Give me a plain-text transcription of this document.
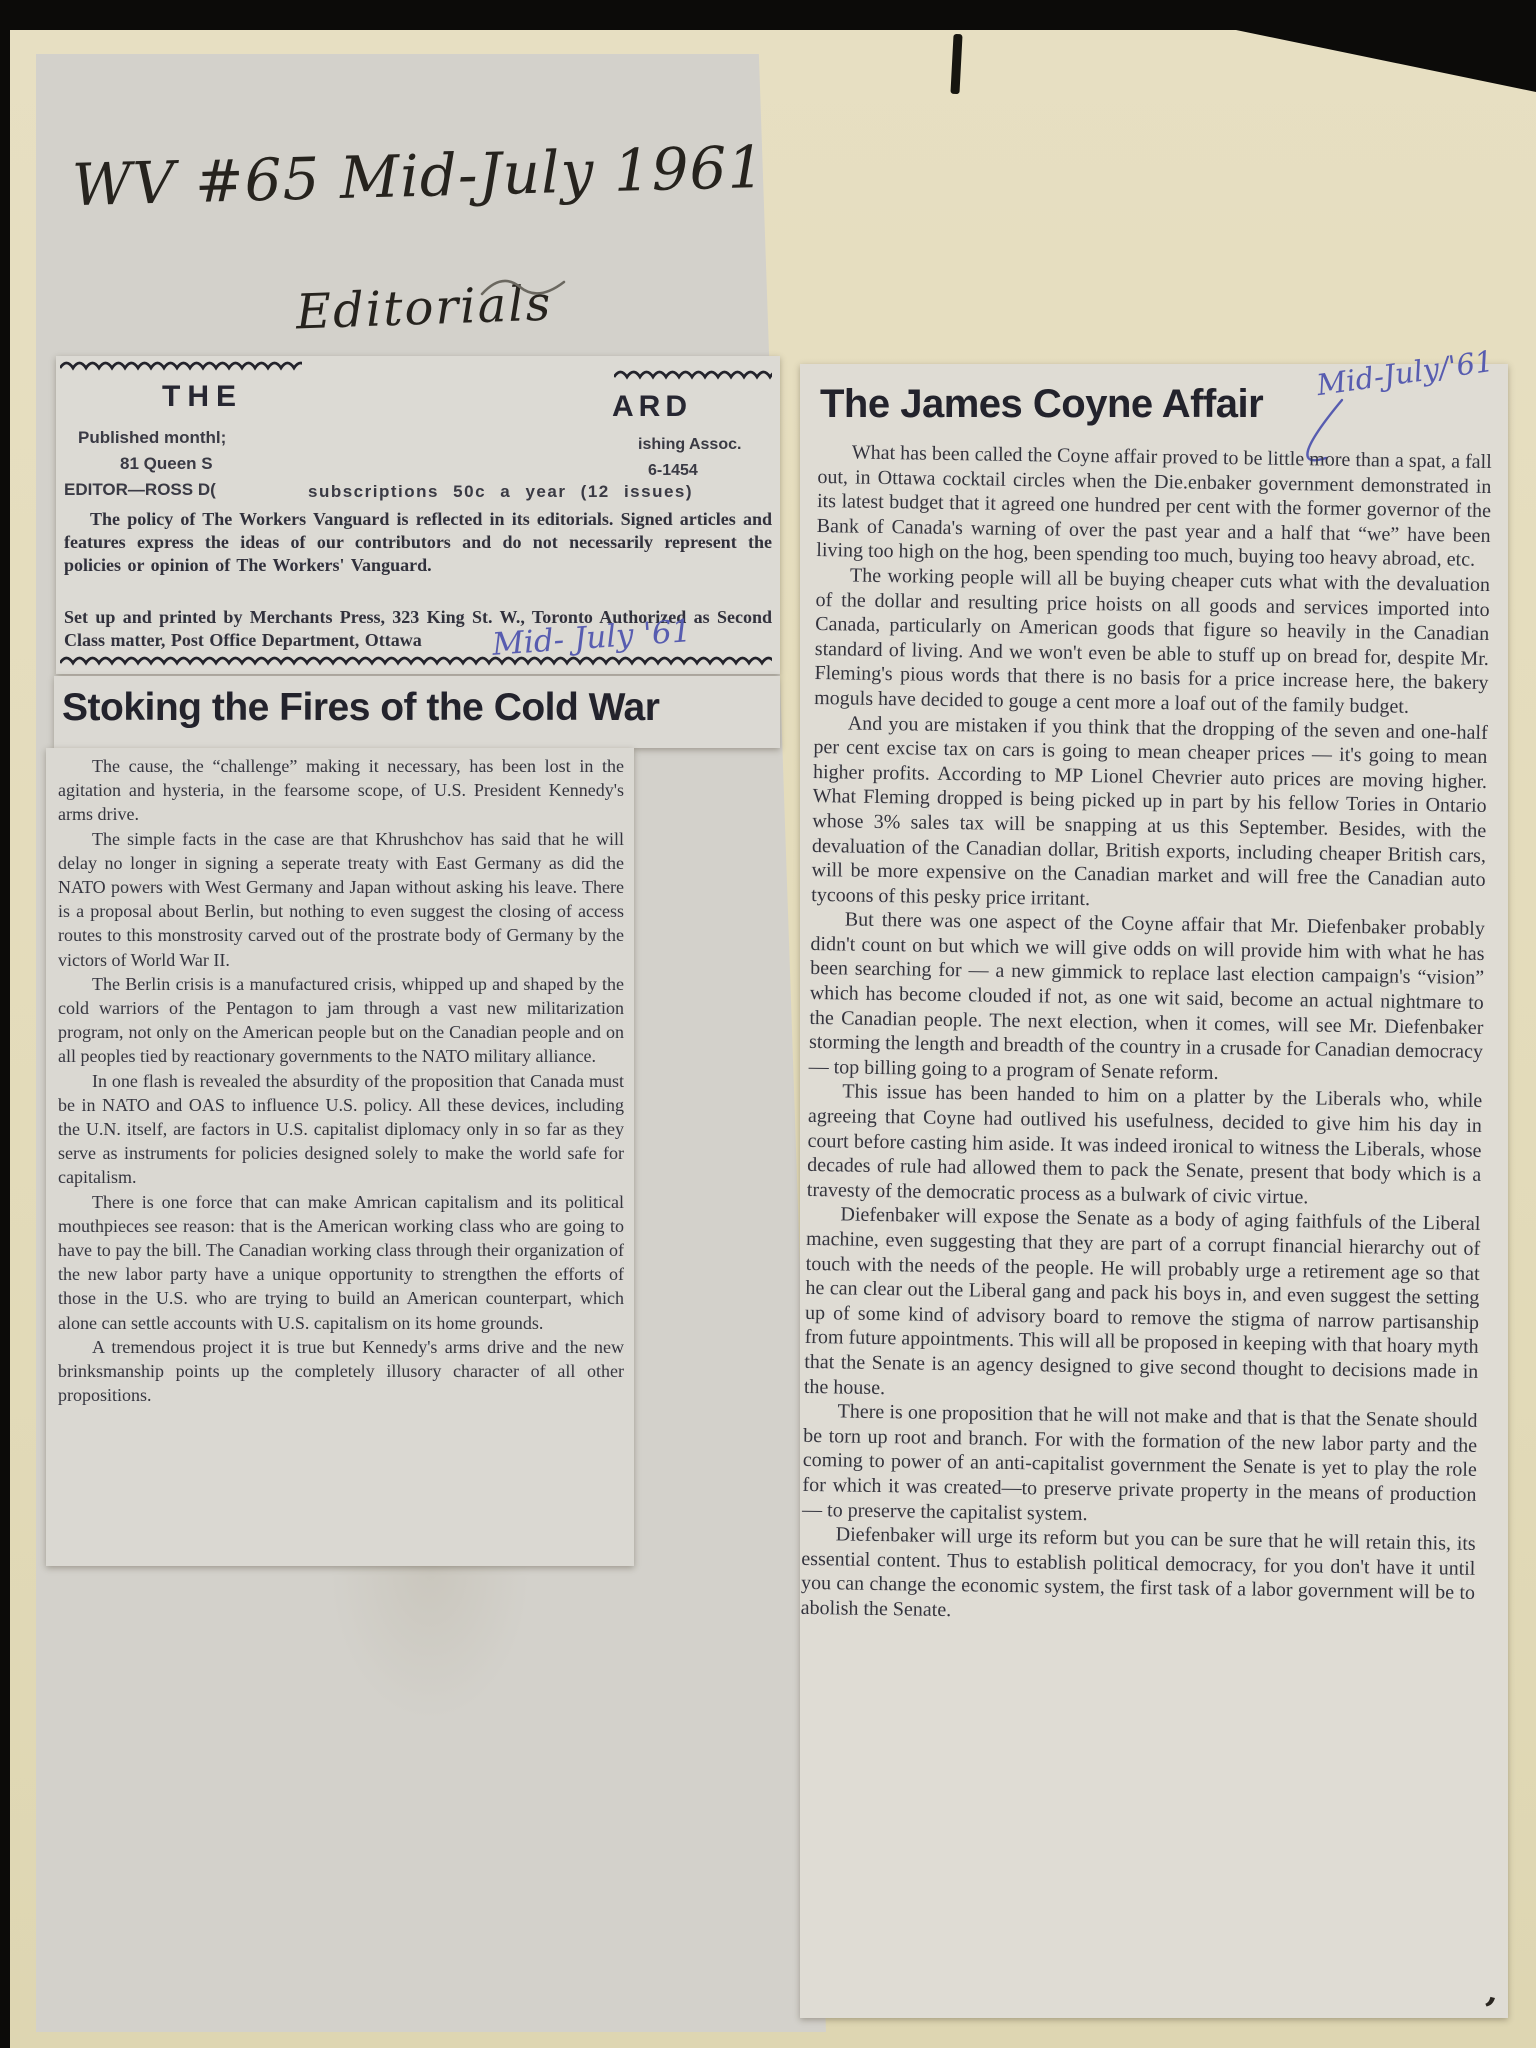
WV #65 Mid-July 1961
Editorials
THE	ARD
Published monthl;
81 Queen S
EDITOR—ROSS D(
ishing Assoc.
6-1454
subscriptions 50c a year (12 issues)
The policy of The Workers Vanguard is reflected in its editorials. Signed articles and features express the ideas of our contributors and do not necessarily represent the policies or opinion of The Workers' Vanguard.
Set up and printed by Merchants Press, 323 King St. W., Toronto Authorized as Second Class matter, Post Office Department, Ottawa	Mid- July '61
Stoking the Fires of the Cold War

The cause, the “challenge” making it necessary, has been lost in the agitation and hysteria, in the fearsome scope, of U.S. President Kennedy's arms drive.

The simple facts in the case are that Khrushchov has said that he will delay no longer in signing a seperate treaty with East Germany as did the NATO powers with West Germany and Japan without asking his leave. There is a proposal about Berlin, but nothing to even suggest the closing of access routes to this monstrosity carved out of the prostrate body of Germany by the victors of World War II.

The Berlin crisis is a manufactured crisis, whipped up and shaped by the cold warriors of the Pentagon to jam through a vast new militarization program, not only on the American people but on the Canadian people and on all peoples tied by reactionary governments to the NATO military alliance.

In one flash is revealed the absurdity of the proposition that Canada must be in NATO and OAS to influence U.S. policy. All these devices, including the U.N. itself, are factors in U.S. capitalist diplomacy only in so far as they serve as instruments for policies designed solely to make the world safe for capitalism.

There is one force that can make Amrican capitalism and its political mouthpieces see reason: that is the American working class who are going to have to pay the bill. The Canadian working class through their organization of the new labor party have a unique opportunity to strengthen the efforts of those in the U.S. who are trying to build an American counterpart, which alone can settle accounts with U.S. capitalism on its home grounds.

A tremendous project it is true but Kennedy's arms drive and the new brinksmanship points up the completely illusory character of all other propositions.

The James Coyne Affair
Mid-July/'61

What has been called the Coyne affair proved to be little more than a spat, a fall out, in Ottawa cocktail circles when the Die.enbaker government demonstrated in its latest budget that it agreed one hundred per cent with the former governor of the Bank of Canada's warning of over the past year and a half that “we” have been living too high on the hog, been spending too much, buying too heavy abroad, etc.

The working people will all be buying cheaper cuts what with the devaluation of the dollar and resulting price hoists on all goods and services imported into Canada, particularly on American goods that figure so heavily in the Canadian standard of living. And we won't even be able to stuff up on bread for, despite Mr. Fleming's pious words that there is no basis for a price increase here, the bakery moguls have decided to gouge a cent more a loaf out of the family budget.

And you are mistaken if you think that the dropping of the seven and one-half per cent excise tax on cars is going to mean cheaper prices — it's going to mean higher profits. According to MP Lionel Chevrier auto prices are moving higher. What Fleming dropped is being picked up in part by his fellow Tories in Ontario whose 3% sales tax will be snapping at us this September. Besides, with the devaluation of the Canadian dollar, British exports, including cheaper British cars, will be more expensive on the Canadian market and will free the Canadian auto tycoons of this pesky price irritant.

But there was one aspect of the Coyne affair that Mr. Diefenbaker probably didn't count on but which we will give odds on will provide him with what he has been searching for — a new gimmick to replace last election campaign's “vision” which has become clouded if not, as one wit said, become an actual nightmare to the Canadian people. The next election, when it comes, will see Mr. Diefenbaker storming the length and breadth of the country in a crusade for Canadian democracy — top billing going to a program of Senate reform.

This issue has been handed to him on a platter by the Liberals who, while agreeing that Coyne had outlived his usefulness, decided to give him his day in court before casting him aside. It was indeed ironical to witness the Liberals, whose decades of rule had allowed them to pack the Senate, present that body which is a travesty of the democratic process as a bulwark of civic virtue.

Diefenbaker will expose the Senate as a body of aging faithfuls of the Liberal machine, even suggesting that they are part of a corrupt financial hierarchy out of touch with the needs of the people. He will probably urge a retirement age so that he can clear out the Liberal gang and pack his boys in, and even suggest the setting up of some kind of advisory board to remove the stigma of narrow partisanship from future appointments. This will all be proposed in keeping with that hoary myth that the Senate is an agency designed to give second thought to decisions made in the house.

There is one proposition that he will not make and that is that the Senate should be torn up root and branch. For with the formation of the new labor party and the coming to power of an anti-capitalist government the Senate is yet to play the role for which it was created—to preserve private property in the means of production — to preserve the capitalist system.

Diefenbaker will urge its reform but you can be sure that he will retain this, its essential content. Thus to establish political democracy, for you don't have it until you can change the economic system, the first task of a labor government will be to abolish the Senate.

’
